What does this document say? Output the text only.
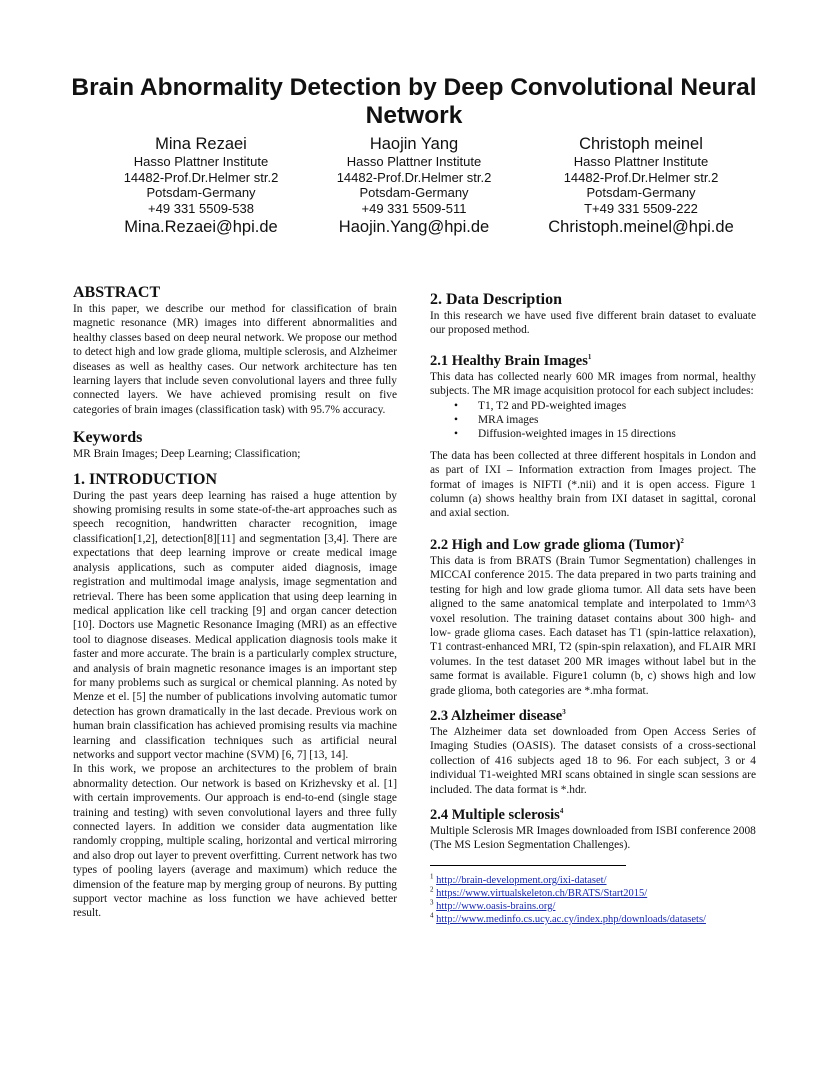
Brain Abnormality Detection by Deep Convolutional Neural Network
Mina Rezaei
Hasso Plattner Institute
14482-Prof.Dr.Helmer str.2
Potsdam-Germany
+49 331 5509-538
Mina.Rezaei@hpi.de
Haojin Yang
Hasso Plattner Institute
14482-Prof.Dr.Helmer str.2
Potsdam-Germany
+49 331 5509-511
Haojin.Yang@hpi.de
Christoph meinel
Hasso Plattner Institute
14482-Prof.Dr.Helmer str.2
Potsdam-Germany
T+49 331 5509-222
Christoph.meinel@hpi.de
ABSTRACT

In this paper, we describe our method for classification of brain magnetic resonance (MR) images into different abnormalities and healthy classes based on deep neural network. We propose our method to detect high and low grade glioma, multiple sclerosis, and Alzheimer diseases as well as healthy cases. Our network architecture has ten learning layers that include seven convolutional layers and three fully connected layers. We have achieved promising result on five categories of brain images (classification task) with 95.7% accuracy.

Keywords

MR Brain Images; Deep Learning; Classification;

1. INTRODUCTION

During the past years deep learning has raised a huge attention by showing promising results in some state-of-the-art approaches such as speech recognition, handwritten character recognition, image classification[1,2], detection[8][11] and segmentation [3,4]. There are expectations that deep learning improve or create medical image analysis applications, such as computer aided diagnosis, image registration and multimodal image analysis, image segmentation and retrieval. There has been some application that using deep learning in medical application like cell tracking [9] and organ cancer detection [10]. Doctors use Magnetic Resonance Imaging (MRI) as an effective tool to diagnose diseases. Medical application diagnosis tools make it faster and more accurate. The brain is a particularly complex structure, and analysis of brain magnetic resonance images is an important step for many problems such as surgical or chemical planning. As noted by Menze et el. [5] the number of publications involving automatic tumor detection has grown dramatically in the last decade. Previous work on human brain classification has achieved promising results via machine learning and classification techniques such as artificial neural networks and support vector machine (SVM) [6, 7] [13, 14].

In this work, we propose an architectures to the problem of brain abnormality detection. Our network is based on Krizhevsky et al. [1] with certain improvements. Our approach is end-to-end (single stage training and testing) with seven convolutional layers and three fully connected layers. In addition we consider data augmentation like randomly cropping, multiple scaling, horizontal and vertical mirroring and also drop out layer to prevent overfitting. Current network has two types of pooling layers (average and maximum) which reduce the dimension of the feature map by merging group of neurons. By putting support vector machine as loss function we have achieved better result.

2. Data Description

In this research we have used five different brain dataset to evaluate our proposed method.

2.1 Healthy Brain Images$^1$

This data has collected nearly 600 MR images from normal, healthy subjects. The MR image acquisition protocol for each subject includes:

• T1, T2 and PD-weighted images
• MRA images
• Diffusion-weighted images in 15 directions

The data has been collected at three different hospitals in London and as part of IXI – Information extraction from Images project. The format of images is NIFTI (*.nii) and it is open access. Figure 1 column (a) shows healthy brain from IXI dataset in sagittal, coronal and axial section.

2.2 High and Low grade glioma (Tumor)$^2$

This data is from BRATS (Brain Tumor Segmentation) challenges in MICCAI conference 2015. The data prepared in two parts training and testing for high and low grade glioma tumor. All data sets have been aligned to the same anatomical template and interpolated to 1mm^3 voxel resolution. The training dataset contains about 300 high- and low- grade glioma cases. Each dataset has T1 (spin-lattice relaxation), T1 contrast-enhanced MRI, T2 (spin-spin relaxation), and FLAIR MRI volumes. In the test dataset 200 MR images without label but in the same format is available. Figure1 column (b, c) shows high and low grade glioma, both categories are *.mha format.

2.3 Alzheimer disease$^3$

The Alzheimer data set downloaded from Open Access Series of Imaging Studies (OASIS). The dataset consists of a cross-sectional collection of 416 subjects aged 18 to 96. For each subject, 3 or 4 individual T1-weighted MRI scans obtained in single scan sessions are included. The data format is *.hdr.

2.4 Multiple sclerosis$^4$

Multiple Sclerosis MR Images downloaded from ISBI conference 2008 (The MS Lesion Segmentation Challenges).

$^1$ http://brain-development.org/ixi-dataset/

$^2$ https://www.virtualskeleton.ch/BRATS/Start2015/

$^3$ http://www.oasis-brains.org/

$^4$ http://www.medinfo.cs.ucy.ac.cy/index.php/downloads/datasets/
